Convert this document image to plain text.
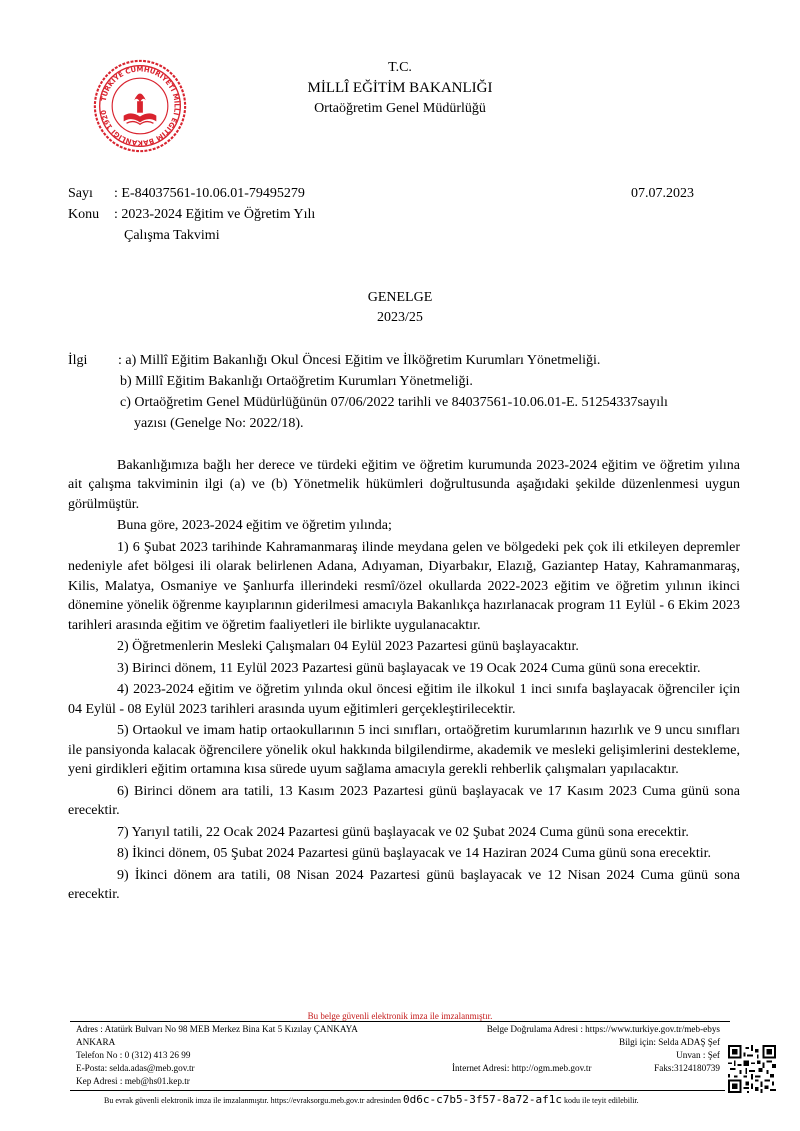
TÜRKİYE CUMHURİYETİ MİLLÎ EĞİTİM BAKANLIĞI 1920
T.C.
MİLLÎ EĞİTİM BAKANLIĞI
Ortaöğretim Genel Müdürlüğü
Sayı : E-84037561-10.06.01-79495279	07.07.2023
Konu : 2023-2024 Eğitim ve Öğretim Yılı
Çalışma Takvimi
GENELGE
2023/25
İlgi : a) Millî Eğitim Bakanlığı Okul Öncesi Eğitim ve İlköğretim Kurumları Yönetmeliği.
b) Millî Eğitim Bakanlığı Ortaöğretim Kurumları Yönetmeliği.
c) Ortaöğretim Genel Müdürlüğünün 07/06/2022 tarihli ve 84037561-10.06.01-E. 51254337sayılı
yazısı (Genelge No: 2022/18).

Bakanlığımıza bağlı her derece ve türdeki eğitim ve öğretim kurumunda 2023-2024 eğitim ve öğretim yılına ait çalışma takviminin ilgi (a) ve (b) Yönetmelik hükümleri doğrultusunda aşağıdaki şekilde düzenlenmesi uygun görülmüştür.

Buna göre, 2023-2024 eğitim ve öğretim yılında;

1) 6 Şubat 2023 tarihinde Kahramanmaraş ilinde meydana gelen ve bölgedeki pek çok ili etkileyen depremler nedeniyle afet bölgesi ili olarak belirlenen Adana, Adıyaman, Diyarbakır, Elazığ, Gaziantep Hatay, Kahramanmaraş, Kilis, Malatya, Osmaniye ve Şanlıurfa illerindeki resmî/özel okullarda 2022-2023 eğitim ve öğretim yılının ikinci dönemine yönelik öğrenme kayıplarının giderilmesi amacıyla Bakanlıkça hazırlanacak program 11 Eylül - 6 Ekim 2023 tarihleri arasında eğitim ve öğretim faaliyetleri ile birlikte uygulanacaktır.

2) Öğretmenlerin Mesleki Çalışmaları 04 Eylül 2023 Pazartesi günü başlayacaktır.

3) Birinci dönem, 11 Eylül 2023 Pazartesi günü başlayacak ve 19 Ocak 2024 Cuma günü sona erecektir.

4) 2023-2024 eğitim ve öğretim yılında okul öncesi eğitim ile ilkokul 1 inci sınıfa başlayacak öğrenciler için 04 Eylül - 08 Eylül 2023 tarihleri arasında uyum eğitimleri gerçekleştirilecektir.

5) Ortaokul ve imam hatip ortaokullarının 5 inci sınıfları, ortaöğretim kurumlarının hazırlık ve 9 uncu sınıfları ile pansiyonda kalacak öğrencilere yönelik okul hakkında bilgilendirme, akademik ve mesleki gelişimlerini destekleme, yeni girdikleri eğitim ortamına kısa sürede uyum sağlama amacıyla gerekli rehberlik çalışmaları yapılacaktır.

6) Birinci dönem ara tatili, 13 Kasım 2023 Pazartesi günü başlayacak ve 17 Kasım 2023 Cuma günü sona erecektir.

7) Yarıyıl tatili, 22 Ocak 2024 Pazartesi günü başlayacak ve 02 Şubat 2024 Cuma günü sona erecektir.

8) İkinci dönem, 05 Şubat 2024 Pazartesi günü başlayacak ve 14 Haziran 2024 Cuma günü sona erecektir.

9) İkinci dönem ara tatili, 08 Nisan 2024 Pazartesi günü başlayacak ve 12 Nisan 2024 Cuma günü sona erecektir.

Bu belge güvenli elektronik imza ile imzalanmıştır.
Adres : Atatürk Bulvarı No 98 MEB Merkez Bina Kat 5 Kızılay ÇANKAYA
ANKARA
Telefon No : 0 (312) 413 26 99
E-Posta: selda.adas@meb.gov.tr
Kep Adresi : meb@hs01.kep.tr
Belge Doğrulama Adresi : https://www.turkiye.gov.tr/meb-ebys
Bilgi için: Selda ADAŞ Şef
Unvan : Şef
İnternet Adresi: http://ogm.meb.gov.tr	Faks:3124180739
Bu evrak güvenli elektronik imza ile imzalanmıştır. https://evraksorgu.meb.gov.tr adresinden 0d6c-c7b5-3f57-8a72-af1c kodu ile teyit edilebilir.
